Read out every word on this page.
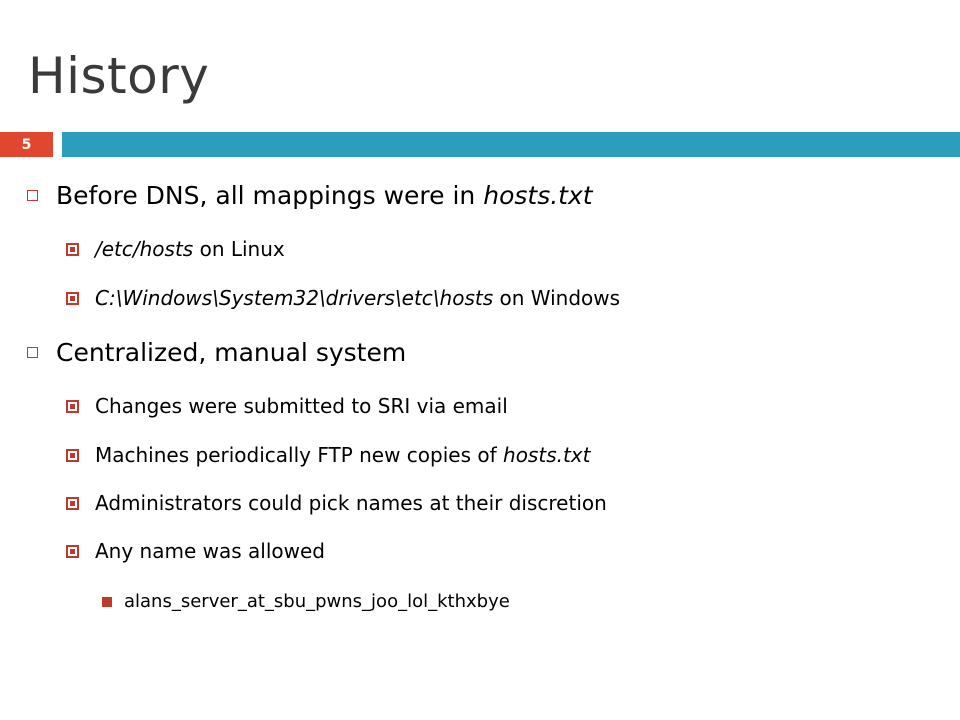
History
5
Before DNS, all mappings were in hosts.txt
/etc/hosts on Linux
C:\Windows\System32\drivers\etc\hosts on Windows
Centralized, manual system
Changes were submitted to SRI via email
Machines periodically FTP new copies of hosts.txt
Administrators could pick names at their discretion
Any name was allowed
alans_server_at_sbu_pwns_joo_lol_kthxbye
